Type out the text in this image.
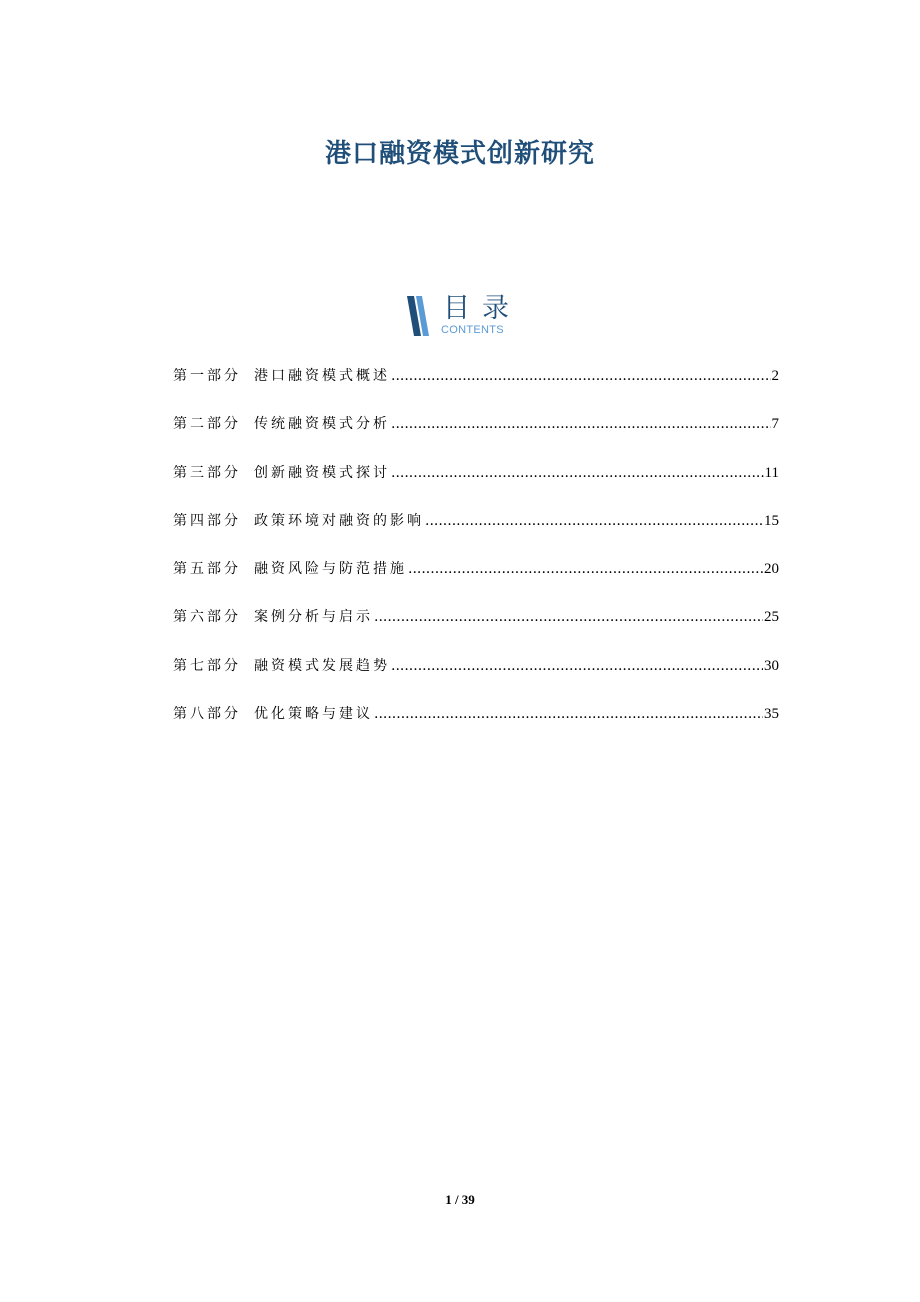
港口融资模式创新研究
目录
CONTENTS
第一部分 港口融资模式概述 .....	2
第二部分 传统融资模式分析 .....	7
第三部分 创新融资模式探讨 .....	11
第四部分 政策环境对融资的影响 .....	15
第五部分 融资风险与防范措施 .....	20
第六部分 案例分析与启示 .....	25
第七部分 融资模式发展趋势 .....	30
第八部分 优化策略与建议 .....	35
1 / 39
